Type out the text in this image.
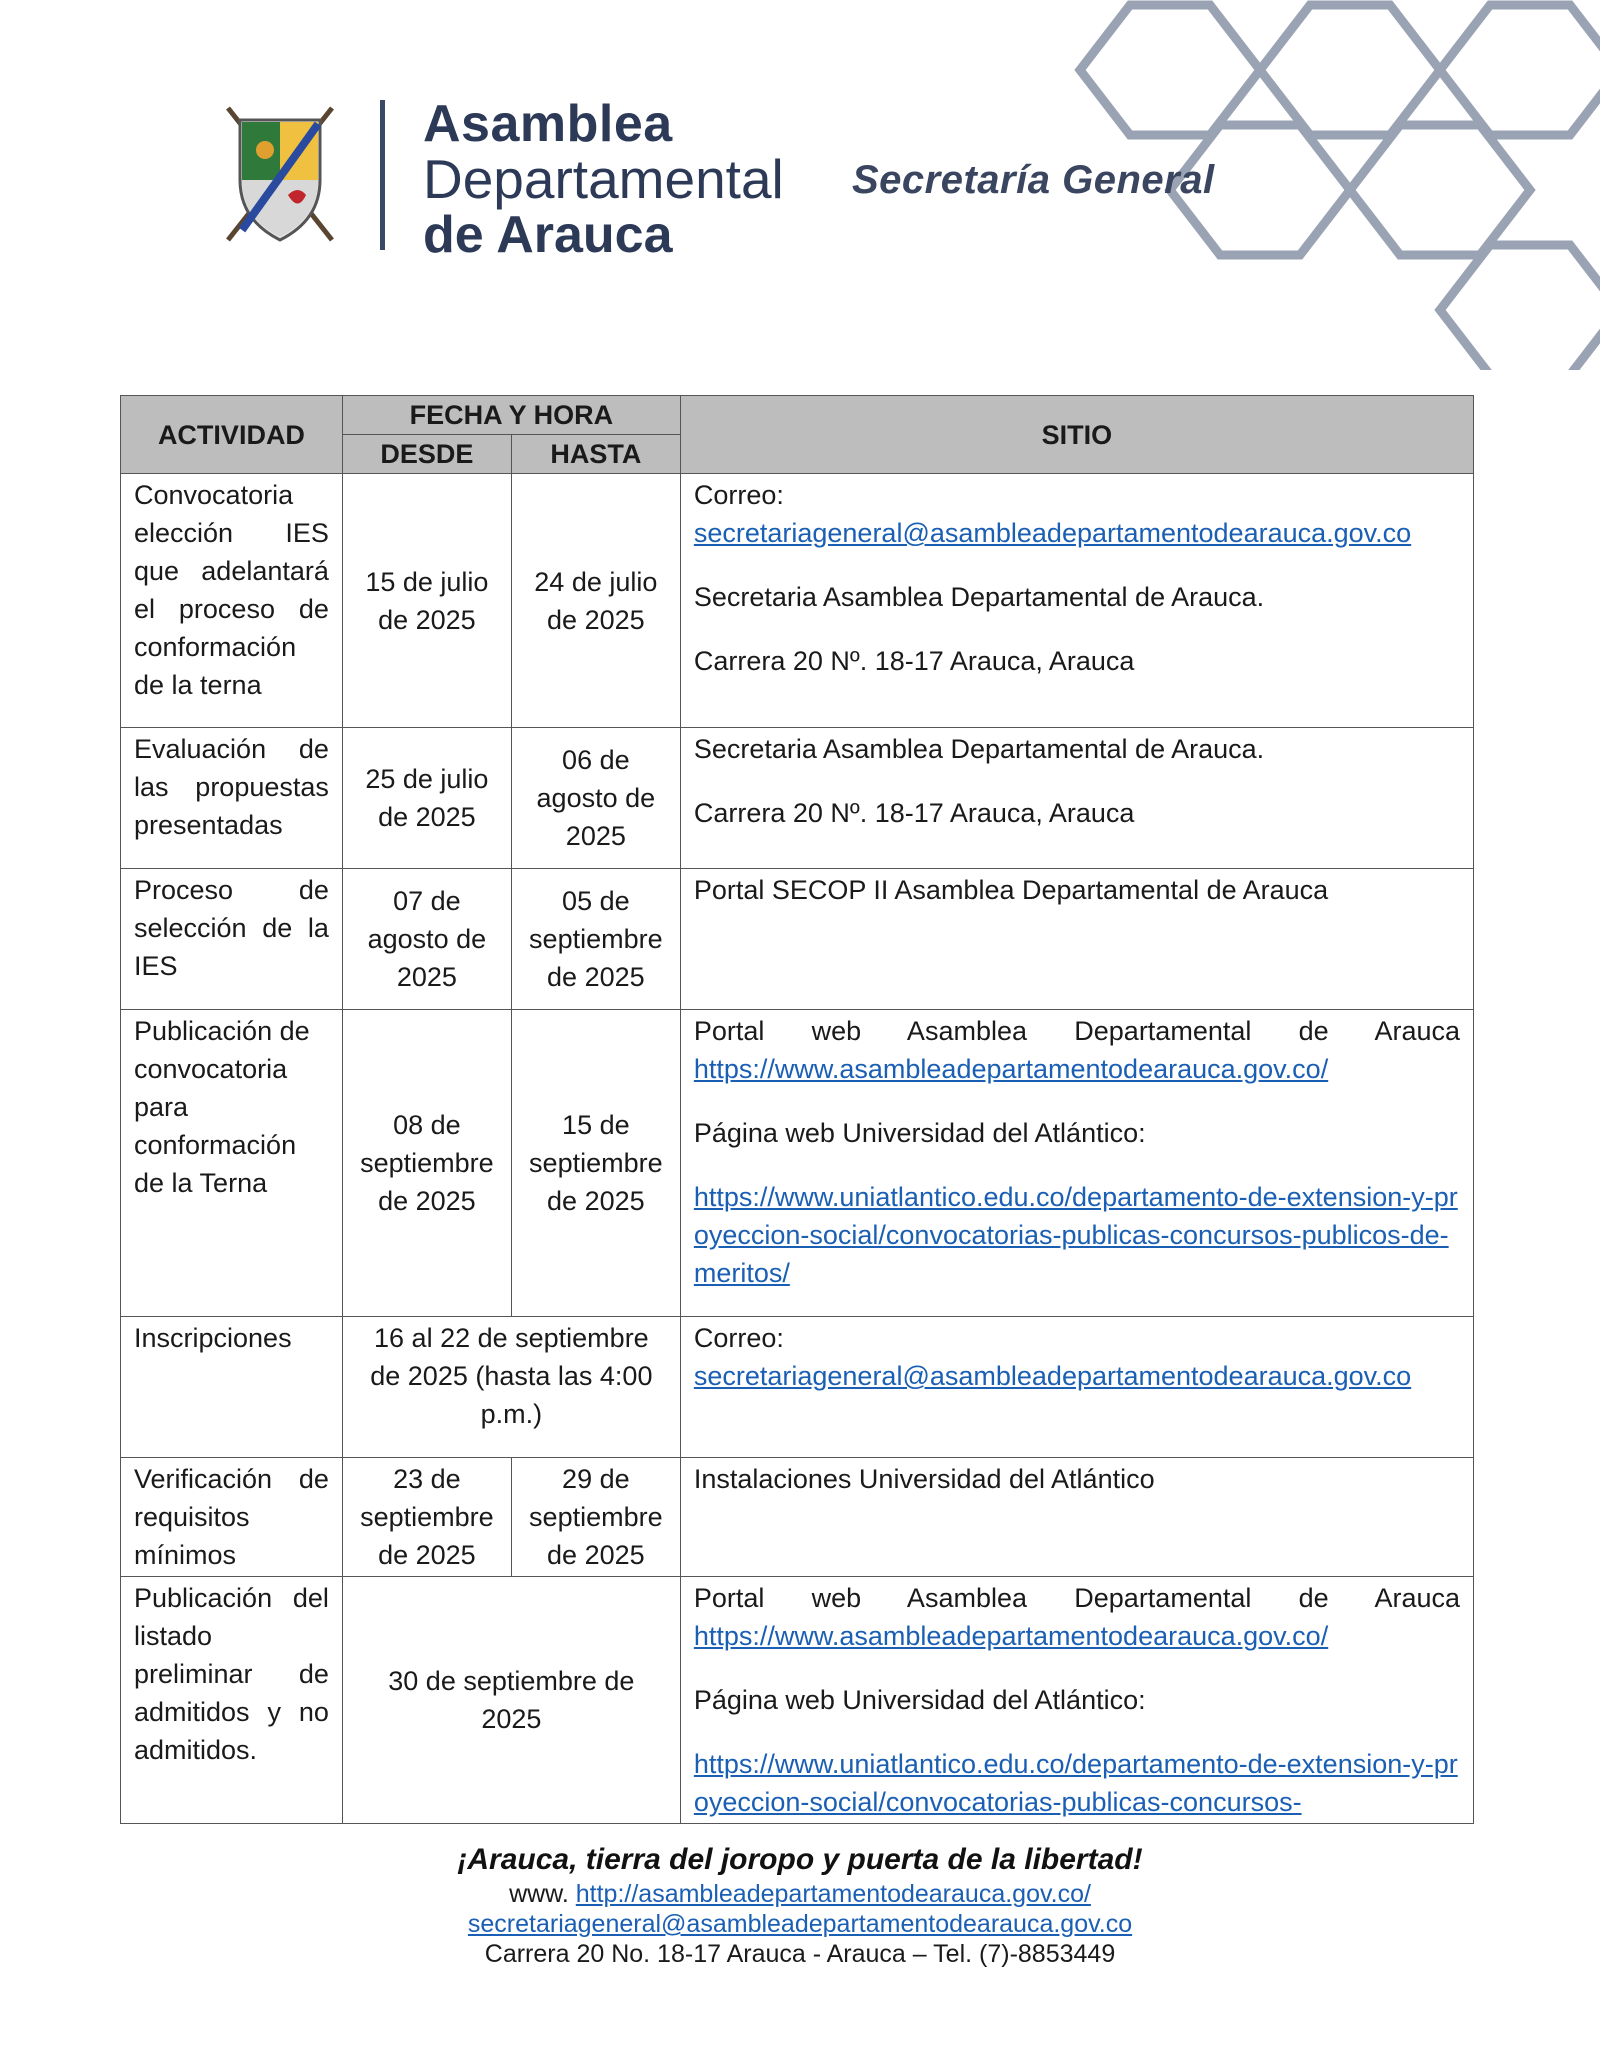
Asamblea
Departamental
de Arauca
Secretaría General
ACTIVIDAD	FECHA Y HORA		SITIO
	DESDE	HASTA	
Convocatoria elección IES que adelantará el proceso de conformación de la terna	15 de julio de 2025	24 de julio de 2025	Correo:
secretariageneral@asambleadepartamentodearauca.gov.co

Secretaria Asamblea Departamental de Arauca.

Carrera 20 Nº. 18-17 Arauca, Arauca

Evaluación de las propuestas presentadas	25 de julio de 2025	06 de agosto de 2025	Secretaria Asamblea Departamental de Arauca.

Carrera 20 Nº. 18-17 Arauca, Arauca

Proceso de selección de la IES	07 de agosto de 2025	05 de septiembre de 2025	Portal SECOP II Asamblea Departamental de Arauca

Publicación de convocatoria para conformación de la Terna	08 de septiembre de 2025	15 de septiembre de 2025	Portal web Asamblea Departamental de Arauca
https://www.asambleadepartamentodearauca.gov.co/

Página web Universidad del Atlántico:

https://www.uniatlantico.edu.co/departamento-de-extension-y-proyeccion-social/convocatorias-publicas-concursos-publicos-de-meritos/

Inscripciones	16 al 22 de septiembre de 2025 (hasta las 4:00 p.m.)		Correo:
secretariageneral@asambleadepartamentodearauca.gov.co

Verificación de requisitos mínimos	23 de septiembre de 2025	29 de septiembre de 2025	Instalaciones Universidad del Atlántico

Publicación del listado preliminar de admitidos y no admitidos.	30 de septiembre de 2025		Portal web Asamblea Departamental de Arauca
https://www.asambleadepartamentodearauca.gov.co/

Página web Universidad del Atlántico:

https://www.uniatlantico.edu.co/departamento-de-extension-y-proyeccion-social/convocatorias-publicas-concursos-

¡Arauca, tierra del joropo y puerta de la libertad!
www. http://asambleadepartamentodearauca.gov.co/
secretariageneral@asambleadepartamentodearauca.gov.co
Carrera 20 No. 18-17 Arauca - Arauca – Tel. (7)-8853449
